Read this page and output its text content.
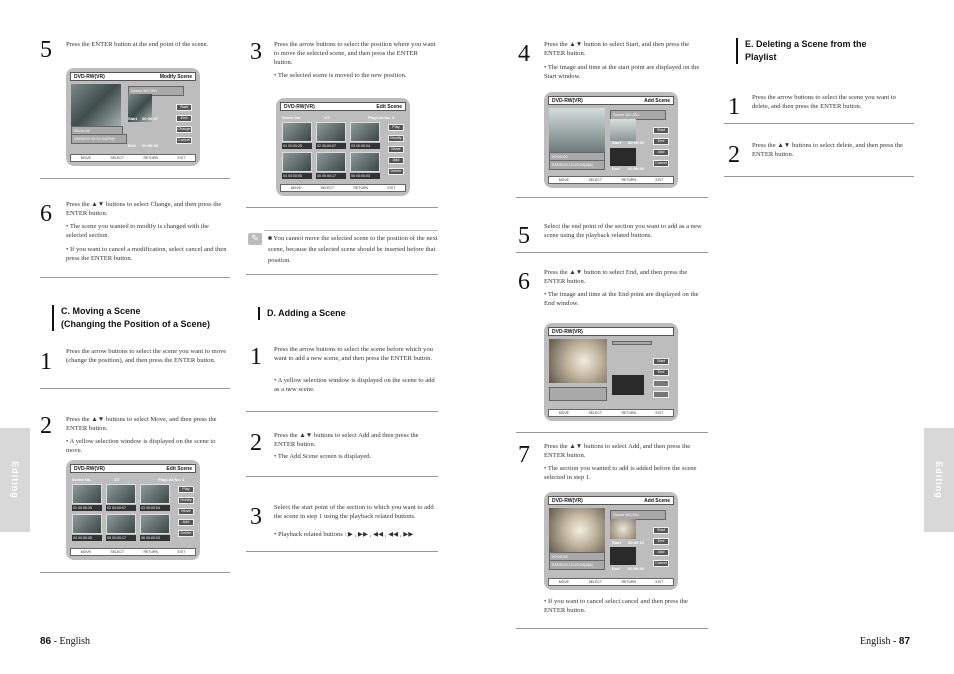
5 Press the ENTER button at the end point of the scene.
DVD-RW(VR)	Modify Scene
Scene NO.001
Start 00:00:07
End 00:00:00
00:00:18
03/05/19 03:34:04[PM]
Start
End
Change
Cancel
MOVE	SELECT	RETURN	EXIT
6 Press the ▲▼ buttons to select Change, and then press the ENTER button.
• The scene you wanted to modify is changed with the selected section.
• If you want to cancel a modification, select cancel and then press the ENTER button.
C. Moving a Scene
(Changing the Position of a Scene)
1 Press the arrow buttons to select the scene you want to move (change the position), and then press the ENTER button.
2 Press the ▲▼ buttons to select Move, and then press the ENTER button.
• A yellow selection window is displayed on the scene to move.
DVD-RW(VR)	Edit Scene
Scene No.	1/7	PlayList No. 4
01 00:00:25	02 00:00:07	03 00:00:04
04 00:00:05	05 00:00:17	06 00:00:03
Play
Modify
Move
Add
Delete
MOVE	SELECT	RETURN	EXIT
3 Press the arrow buttons to select the position where you want to move the selected scene, and then press the ENTER button.
• The selected scene is moved to the new position.
DVD-RW(VR)	Edit Scene
Scene No.	1/7	PlayList No. 4
01 00:00:25	02 00:00:07	03 00:00:04
04 00:00:05	05 00:00:17	06 00:00:03
Play
Modify
Move
Add
Delete
MOVE	SELECT	RETURN	EXIT
✎	■ You cannot move the selected scene to the position of the next scene, because the selected scene should be inserted before that position.
D. Adding a Scene
1 Press the arrow buttons to select the scene before which you want to add a new scene, and then press the ENTER button.
• A yellow selection window is displayed on the scene to add as a new scene.
2 Press the ▲▼ buttons to select Add and then press the ENTER button.
• The Add Scene screen is displayed.
3 Select the start point of the section to which you want to add the scene in step 1 using the playback related buttons.
• Playback related buttons : ▶ , ▶▶ , ◀◀ , ◀◀ , ▶▶
Editing
86 - English
4 Press the ▲▼ button to select Start, and then press the ENTER button.
• The image and time at the start point are displayed on the Start window.
DVD-RW(VR)	Add Scene
Scene NO.001
Start 00:00:00
End 00:00:00
00:00:00
03/05/19 10:25:34[AM]
Start
End
Add
Cancel
MOVE	SELECT	RETURN	EXIT
5 Select the end point of the section you want to add as a new scene using the playback related buttons.
6 Press the ▲▼ button to select End, and then press the ENTER button.
• The image and time at the End point are displayed on the End window.
DVD-RW(VR)
Start
End
MOVE	SELECT	RETURN	EXIT
7 Press the ▲▼ buttons to select Add, and then press the ENTER button.
• The section you wanted to add is added before the scene selected in step 1.
DVD-RW(VR)	Add Scene
Scene NO.001
Start 00:00:10
End 00:00:00
00:00:28
03/05/19 10:25:34[AM]
Start
End
Add
Cancel
MOVE	SELECT	RETURN	EXIT
• If you want to cancel select cancel and then press the ENTER button.
E. Deleting a Scene from the
Playlist
1 Press the arrow buttons to select the scene you want to delete, and then press the ENTER button.
2 Press the ▲▼ buttons to select delete, and then press the ENTER button.
Editing
English - 87
